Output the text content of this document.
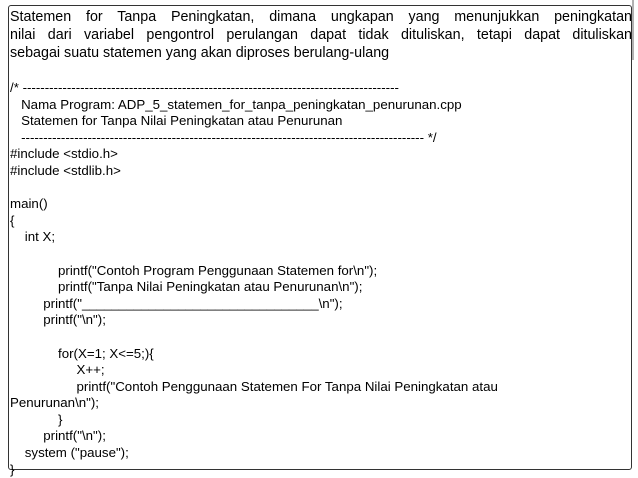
Statemen for Tanpa Peningkatan, dimana ungkapan yang menunjukkan peningkatan
nilai dari variabel pengontrol perulangan dapat tidak dituliskan, tetapi dapat dituliskan
sebagai suatu statemen yang akan diproses berulang-ulang
/* -------------------------------------------------------------------------------------
Nama Program: ADP_5_statemen_for_tanpa_peningkatan_penurunan.cpp
Statemen for Tanpa Nilai Peningkatan atau Penurunan
------------------------------------------------------------------------------------------- */
#include <stdio.h>
#include <stdlib.h>
main()
{
int X;
printf("Contoh Program Penggunaan Statemen for\n");
printf("Tanpa Nilai Peningkatan atau Penurunan\n");
printf("________________________________\n");
printf("\n");
for(X=1; X<=5;){
X++;
printf("Contoh Penggunaan Statemen For Tanpa Nilai Peningkatan atau
Penurunan\n");
}
printf("\n");
system ("pause");
}
